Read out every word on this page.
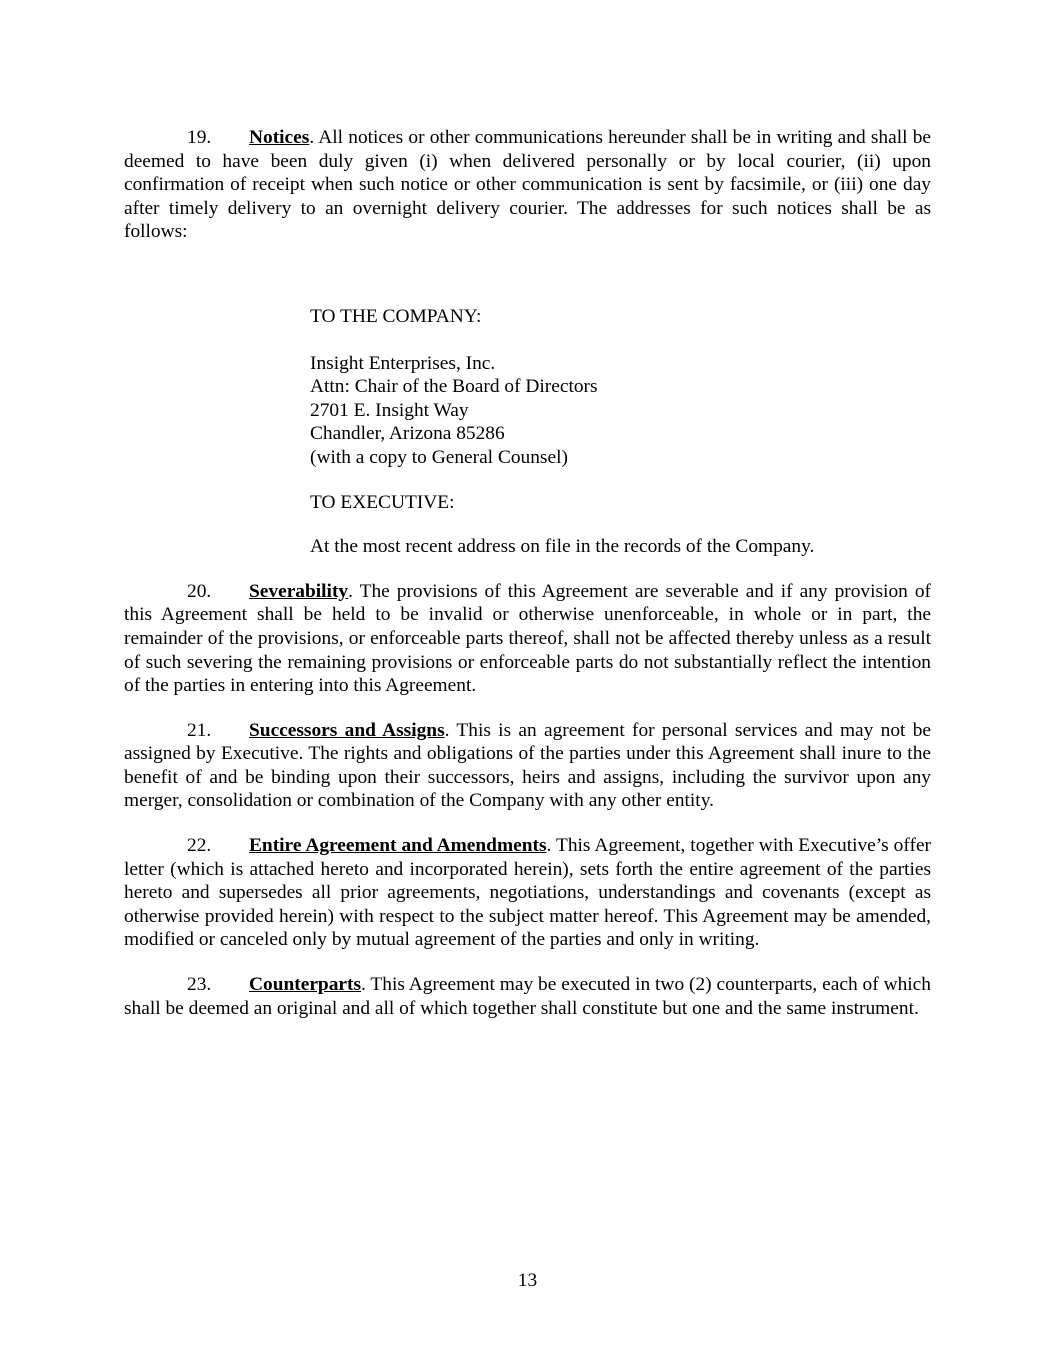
19. Notices. All notices or other communications hereunder shall be in writing and shall be deemed to have been duly given (i) when delivered personally or by local courier, (ii) upon confirmation of receipt when such notice or other communication is sent by facsimile, or (iii) one day after timely delivery to an overnight delivery courier. The addresses for such notices shall be as follows:

TO THE COMPANY:
Insight Enterprises, Inc.
Attn: Chair of the Board of Directors
2701 E. Insight Way
Chandler, Arizona 85286
(with a copy to General Counsel)
TO EXECUTIVE:
At the most recent address on file in the records of the Company.

20. Severability. The provisions of this Agreement are severable and if any provision of this Agreement shall be held to be invalid or otherwise unenforceable, in whole or in part, the remainder of the provisions, or enforceable parts thereof, shall not be affected thereby unless as a result of such severing the remaining provisions or enforceable parts do not substantially reflect the intention of the parties in entering into this Agreement.

21. Successors and Assigns. This is an agreement for personal services and may not be assigned by Executive. The rights and obligations of the parties under this Agreement shall inure to the benefit of and be binding upon their successors, heirs and assigns, including the survivor upon any merger, consolidation or combination of the Company with any other entity.

22. Entire Agreement and Amendments. This Agreement, together with Executive’s offer letter (which is attached hereto and incorporated herein), sets forth the entire agreement of the parties hereto and supersedes all prior agreements, negotiations, understandings and covenants (except as otherwise provided herein) with respect to the subject matter hereof. This Agreement may be amended, modified or canceled only by mutual agreement of the parties and only in writing.

23. Counterparts. This Agreement may be executed in two (2) counterparts, each of which shall be deemed an original and all of which together shall constitute but one and the same instrument.

13
